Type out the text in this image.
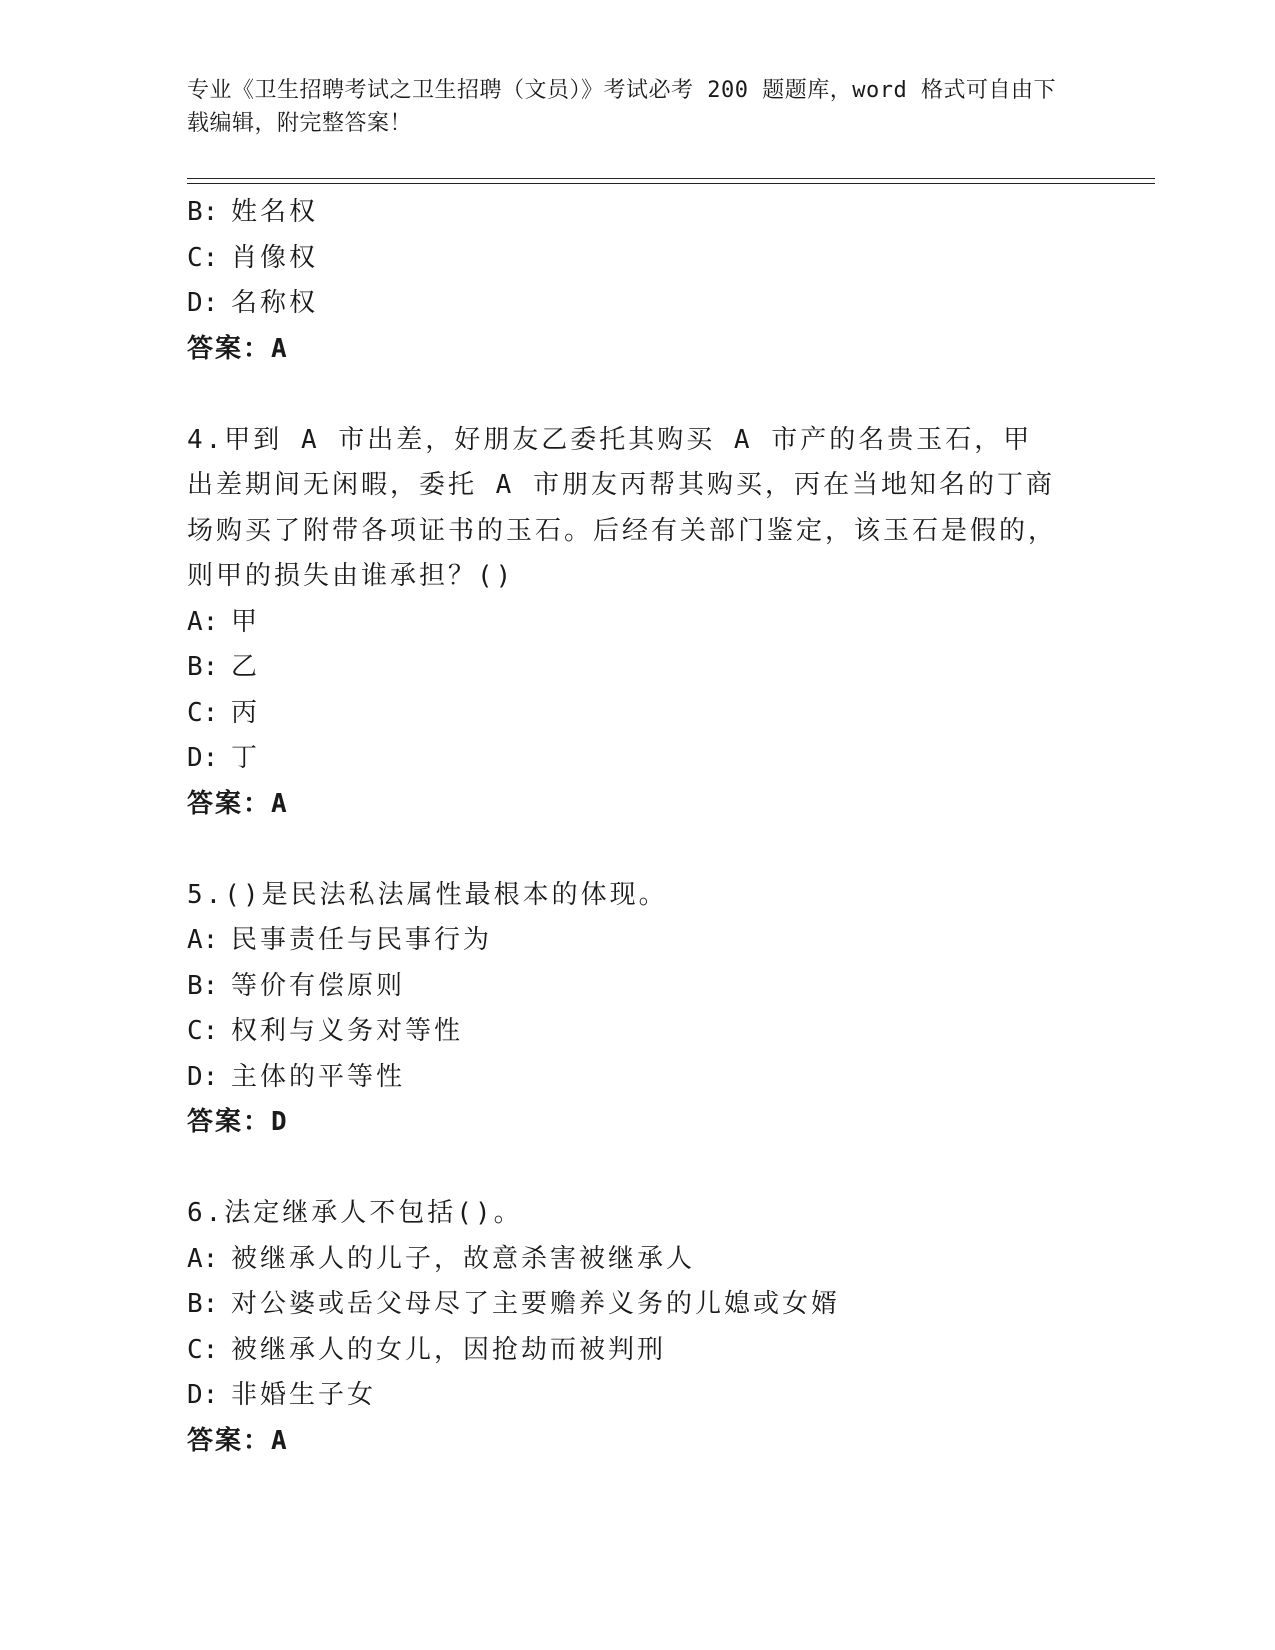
专业《卫生招聘考试之卫生招聘（文员）》考试必考 200 题题库，word 格式可自由下载编辑，附完整答案！

B: 姓名权

C: 肖像权

D: 名称权

答案：A

4.甲到 A 市出差，好朋友乙委托其购买 A 市产的名贵玉石，甲出差期间无闲暇，委托 A 市朋友丙帮其购买，丙在当地知名的丁商场购买了附带各项证书的玉石。后经有关部门鉴定，该玉石是假的，则甲的损失由谁承担？()

A: 甲

B: 乙

C: 丙

D: 丁

答案：A

5.()是民法私法属性最根本的体现。

A: 民事责任与民事行为

B: 等价有偿原则

C: 权利与义务对等性

D: 主体的平等性

答案：D

6.法定继承人不包括()。

A: 被继承人的儿子，故意杀害被继承人

B: 对公婆或岳父母尽了主要赡养义务的儿媳或女婿

C: 被继承人的女儿，因抢劫而被判刑

D: 非婚生子女

答案：A
